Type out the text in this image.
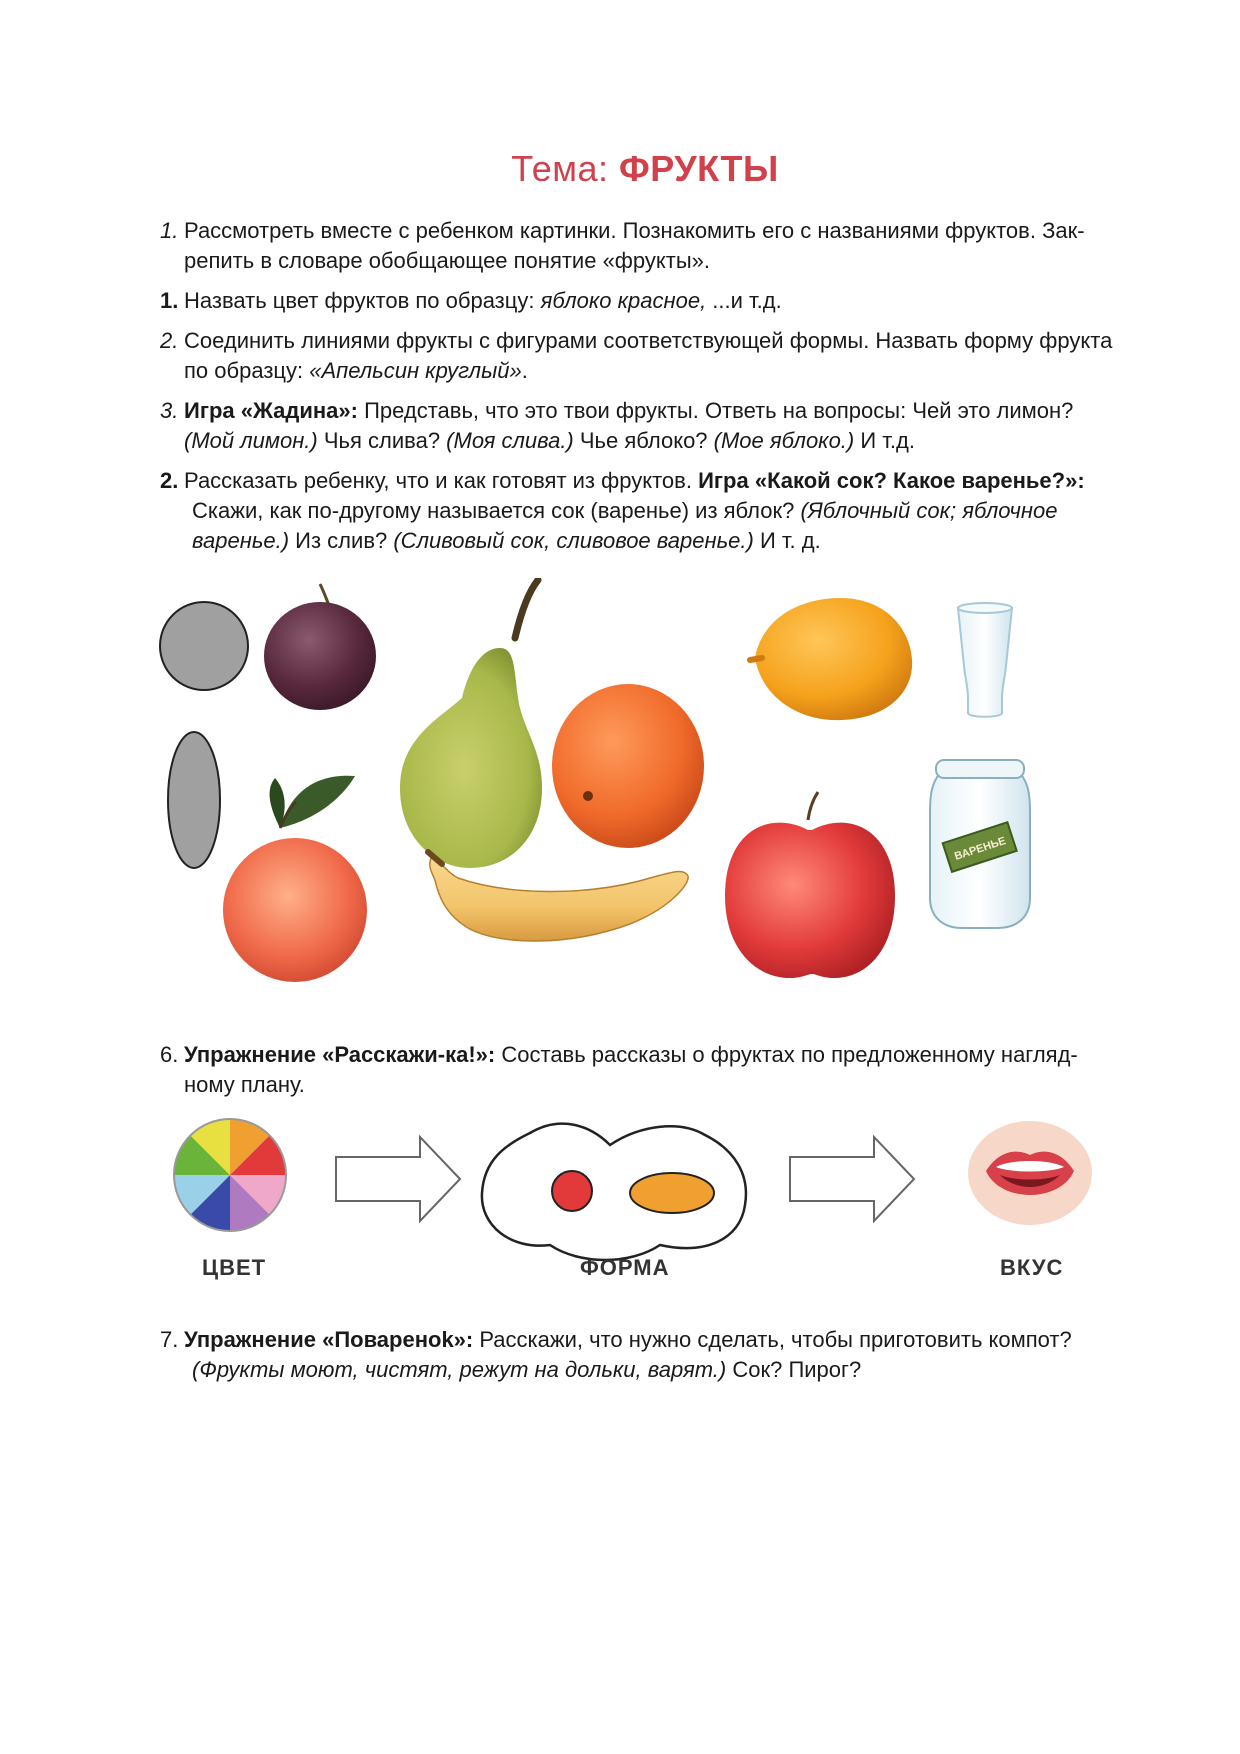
Тема: ФРУКТЫ
1. Рассмотреть вместе с ребенком картинки. Познакомить его с названиями фруктов. Зак-
репить в словаре обобщающее понятие «фрукты».
1. Назвать цвет фруктов по образцу: яблоко красное, ...и т.д.
2. Соединить линиями фрукты с фигурами соответствующей формы. Назвать форму фрукта
по образцу: «Апельсин круглый».
3. Игра «Жадина»: Представь, что это твои фрукты. Ответь на вопросы: Чей это лимон?
(Мой лимон.) Чья слива? (Моя слива.) Чье яблоко? (Мое яблоко.) И т.д.
2. Рассказать ребенку, что и как готовят из фруктов. Игра «Какой сок? Какое варенье?»:
Скажи, как по-другому называется сок (варенье) из яблок? (Яблочный сок; яблочное
варенье.) Из слив? (Сливовый сок, сливовое варенье.) И т. д.
ВАРЕНЬЕ
6. Упражнение «Расскажи-ка!»: Составь рассказы о фруктах по предложенному нагляд-
ному плану.
ЦВЕТ	ФОРМА	ВКУС
7. Упражнение «Повареноk»: Расскажи, что нужно сделать, чтобы приготовить компот?
(Фрукты моют, чистят, режут на дольки, варят.) Сок? Пирог?
